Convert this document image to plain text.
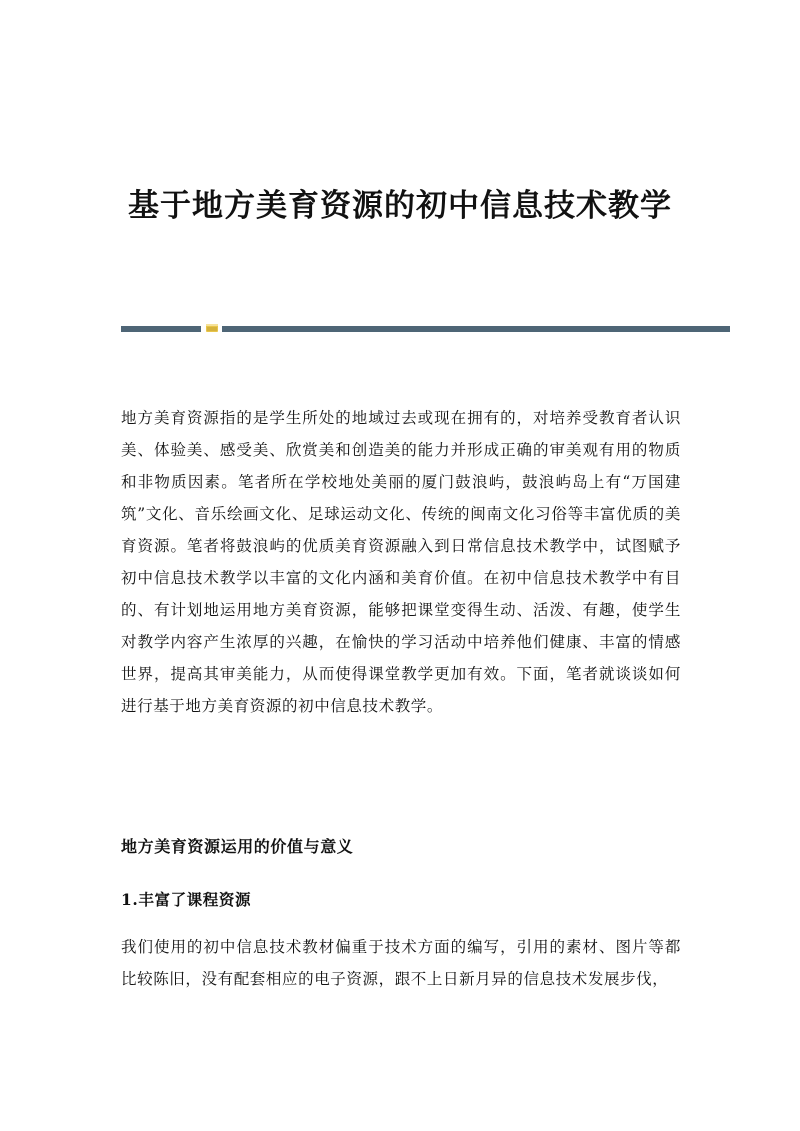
基于地方美育资源的初中信息技术教学

地方美育资源指的是学生所处的地域过去或现在拥有的，对培养受教育者认识美、体验美、感受美、欣赏美和创造美的能力并形成正确的审美观有用的物质和非物质因素。笔者所在学校地处美丽的厦门鼓浪屿，鼓浪屿岛上有“万国建筑”文化、音乐绘画文化、足球运动文化、传统的闽南文化习俗等丰富优质的美育资源。笔者将鼓浪屿的优质美育资源融入到日常信息技术教学中，试图赋予初中信息技术教学以丰富的文化内涵和美育价值。在初中信息技术教学中有目的、有计划地运用地方美育资源，能够把课堂变得生动、活泼、有趣，使学生对教学内容产生浓厚的兴趣，在愉快的学习活动中培养他们健康、丰富的情感世界，提高其审美能力，从而使得课堂教学更加有效。下面，笔者就谈谈如何进行基于地方美育资源的初中信息技术教学。

地方美育资源运用的价值与意义
1.丰富了课程资源

我们使用的初中信息技术教材偏重于技术方面的编写，引用的素材、图片等都比较陈旧，没有配套相应的电子资源，跟不上日新月异的信息技术发展步伐，
